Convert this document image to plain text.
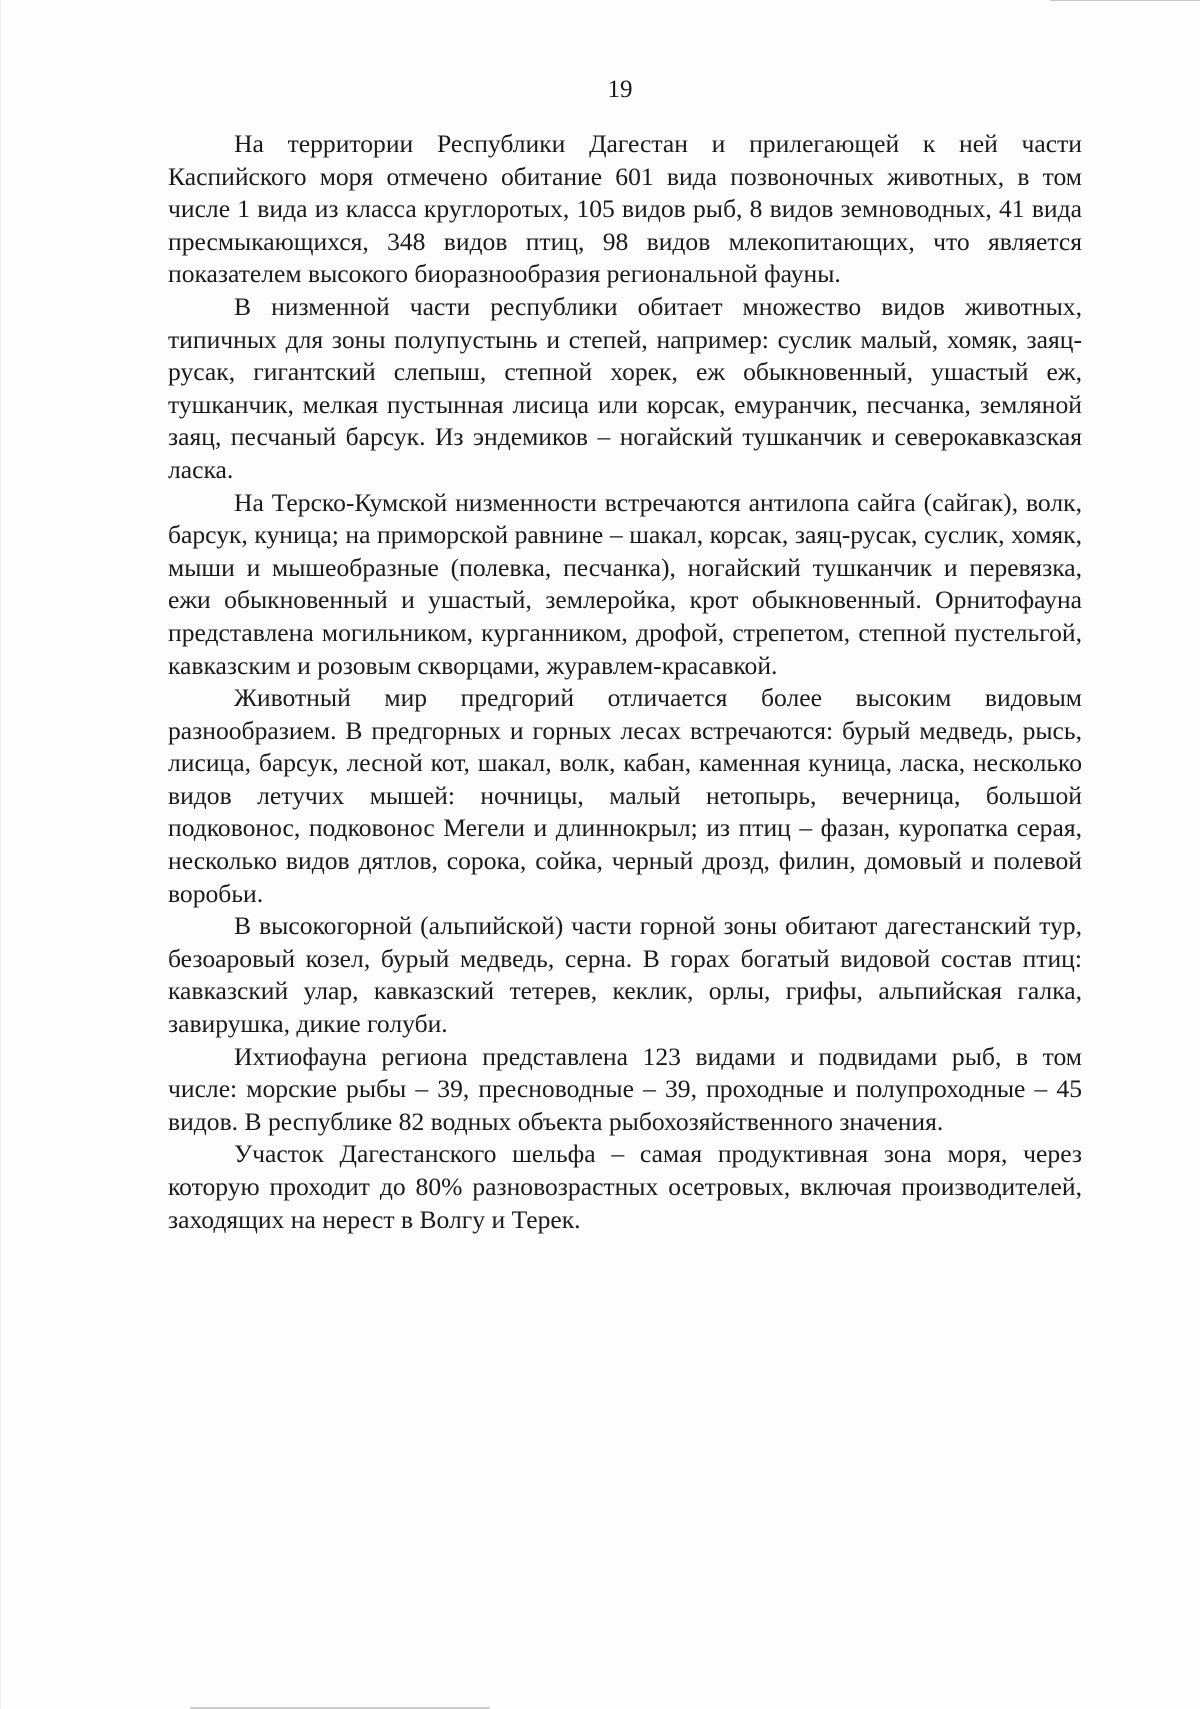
19

На территории Республики Дагестан и прилегающей к ней части Каспийского моря отмечено обитание 601 вида позвоночных животных, в том числе 1 вида из класса круглоротых, 105 видов рыб, 8 видов земноводных, 41 вида пресмыкающихся, 348 видов птиц, 98 видов млекопитающих, что является показателем высокого биоразнообразия региональной фауны.

В низменной части республики обитает множество видов животных, типичных для зоны полупустынь и степей, например: суслик малый, хомяк, заяц-русак, гигантский слепыш, степной хорек, еж обыкновенный, ушастый еж, тушканчик, мелкая пустынная лисица или корсак, емуранчик, песчанка, земляной заяц, песчаный барсук. Из эндемиков – ногайский тушканчик и северокавказская ласка.

На Терско-Кумской низменности встречаются антилопа сайга (сайгак), волк, барсук, куница; на приморской равнине – шакал, корсак, заяц-русак, суслик, хомяк, мыши и мышеобразные (полевка, песчанка), ногайский тушканчик и перевязка, ежи обыкновенный и ушастый, землеройка, крот обыкновенный. Орнитофауна представлена могильником, курганником, дрофой, стрепетом, степной пустельгой, кавказским и розовым скворцами, журавлем-красавкой.

Животный мир предгорий отличается более высоким видовым разнообразием. В предгорных и горных лесах встречаются: бурый медведь, рысь, лисица, барсук, лесной кот, шакал, волк, кабан, каменная куница, ласка, несколько видов летучих мышей: ночницы, малый нетопырь, вечерница, большой подковонос, подковонос Мегели и длиннокрыл; из птиц – фазан, куропатка серая, несколько видов дятлов, сорока, сойка, черный дрозд, филин, домовый и полевой воробьи.

В высокогорной (альпийской) части горной зоны обитают дагестанский тур, безоаровый козел, бурый медведь, серна. В горах богатый видовой состав птиц: кавказский улар, кавказский тетерев, кеклик, орлы, грифы, альпийская галка, завирушка, дикие голуби.

Ихтиофауна региона представлена 123 видами и подвидами рыб, в том числе: морские рыбы – 39, пресноводные – 39, проходные и полупроходные – 45 видов. В республике 82 водных объекта рыбохозяйственного значения.

Участок Дагестанского шельфа – самая продуктивная зона моря, через которую проходит до 80% разновозрастных осетровых, включая производителей, заходящих на нерест в Волгу и Терек.
